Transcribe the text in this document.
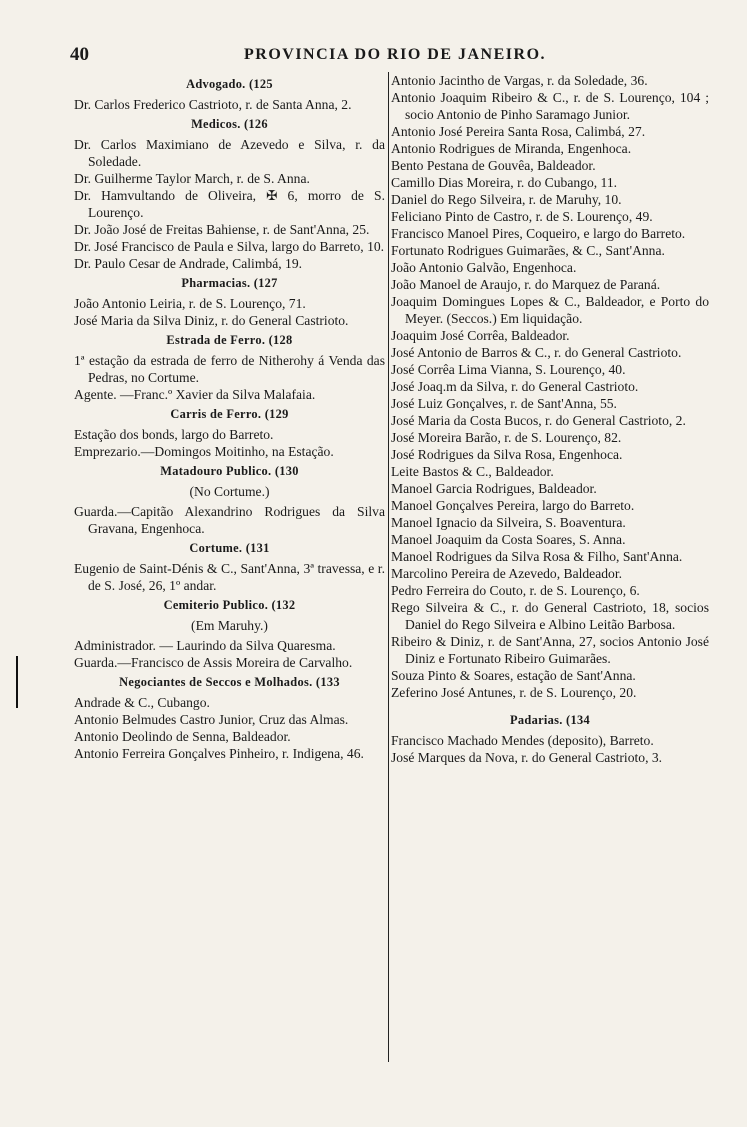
40	PROVINCIA DO RIO DE JANEIRO.
Advogado. (125
Dr. Carlos Frederico Castrioto, r. de Santa Anna, 2.
Medicos. (126
Dr. Carlos Maximiano de Azevedo e Silva, r. da Soledade.
Dr. Guilherme Taylor March, r. de S. Anna.
Dr. Hamvultando de Oliveira, ✠ 6, morro de S. Lourenço.
Dr. João José de Freitas Bahiense, r. de Sant'Anna, 25.
Dr. José Francisco de Paula e Silva, largo do Barreto, 10.
Dr. Paulo Cesar de Andrade, Calimbá, 19.
Pharmacias. (127
João Antonio Leiria, r. de S. Lourenço, 71.
José Maria da Silva Diniz, r. do General Castrioto.
Estrada de Ferro. (128
1ª estação da estrada de ferro de Nitherohy á Venda das Pedras, no Cortume.
Agente. —Franc.º Xavier da Silva Malafaia.
Carris de Ferro. (129
Estação dos bonds, largo do Barreto.
Emprezario.—Domingos Moitinho, na Estação.
Matadouro Publico. (130
(No Cortume.)
Guarda.—Capitão Alexandrino Rodrigues da Silva Gravana, Engenhoca.
Cortume. (131
Eugenio de Saint-Dénis & C., Sant'Anna, 3ª travessa, e r. de S. José, 26, 1º andar.
Cemiterio Publico. (132
(Em Maruhy.)
Administrador. — Laurindo da Silva Quaresma.
Guarda.—Francisco de Assis Moreira de Carvalho.
Negociantes de Seccos e Molhados. (133
Andrade & C., Cubango.
Antonio Belmudes Castro Junior, Cruz das Almas.
Antonio Deolindo de Senna, Baldeador.
Antonio Ferreira Gonçalves Pinheiro, r. Indigena, 46.
Antonio Jacintho de Vargas, r. da Soledade, 36.
Antonio Joaquim Ribeiro & C., r. de S. Lourenço, 104 ; socio Antonio de Pinho Saramago Junior.
Antonio José Pereira Santa Rosa, Calimbá, 27.
Antonio Rodrigues de Miranda, Engenhoca.
Bento Pestana de Gouvêa, Baldeador.
Camillo Dias Moreira, r. do Cubango, 11.
Daniel do Rego Silveira, r. de Maruhy, 10.
Feliciano Pinto de Castro, r. de S. Lourenço, 49.
Francisco Manoel Pires, Coqueiro, e largo do Barreto.
Fortunato Rodrigues Guimarães, & C., Sant'Anna.
João Antonio Galvão, Engenhoca.
João Manoel de Araujo, r. do Marquez de Paraná.
Joaquim Domingues Lopes & C., Baldeador, e Porto do Meyer. (Seccos.) Em liquidação.
Joaquim José Corrêa, Baldeador.
José Antonio de Barros & C., r. do General Castrioto.
José Corrêa Lima Vianna, S. Lourenço, 40.
José Joaq.m da Silva, r. do General Castrioto.
José Luiz Gonçalves, r. de Sant'Anna, 55.
José Maria da Costa Bucos, r. do General Castrioto, 2.
José Moreira Barão, r. de S. Lourenço, 82.
José Rodrigues da Silva Rosa, Engenhoca.
Leite Bastos & C., Baldeador.
Manoel Garcia Rodrigues, Baldeador.
Manoel Gonçalves Pereira, largo do Barreto.
Manoel Ignacio da Silveira, S. Boaventura.
Manoel Joaquim da Costa Soares, S. Anna.
Manoel Rodrigues da Silva Rosa & Filho, Sant'Anna.
Marcolino Pereira de Azevedo, Baldeador.
Pedro Ferreira do Couto, r. de S. Lourenço, 6.
Rego Silveira & C., r. do General Castrioto, 18, socios Daniel do Rego Silveira e Albino Leitão Barbosa.
Ribeiro & Diniz, r. de Sant'Anna, 27, socios Antonio José Diniz e Fortunato Ribeiro Guimarães.
Souza Pinto & Soares, estação de Sant'Anna.
Zeferino José Antunes, r. de S. Lourenço, 20.
Padarias. (134
Francisco Machado Mendes (deposito), Barreto.
José Marques da Nova, r. do General Castrioto, 3.
